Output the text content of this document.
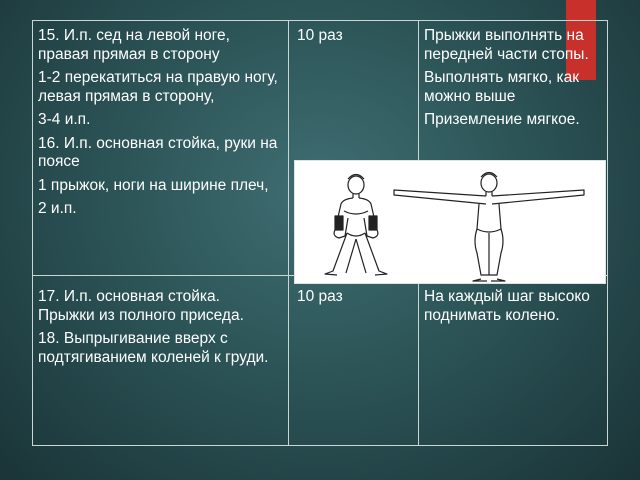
15. И.п. сед на левой ноге, правая прямая в сторону

1-2 перекатиться на правую ногу, левая прямая в сторону,

3-4 и.п.

16. И.п. основная стойка, руки на поясе

1 прыжок, ноги на ширине плеч,

2 и.п.

10 раз	Прыжки выполнять на передней части стопы.

Выполнять мягко, как можно выше

Приземление мягкое.

17. И.п. основная стойка. Прыжки из полного приседа.

18. Выпрыгивание вверх с подтягиванием коленей к груди.

10 раз	На каждый шаг высоко поднимать колено.
